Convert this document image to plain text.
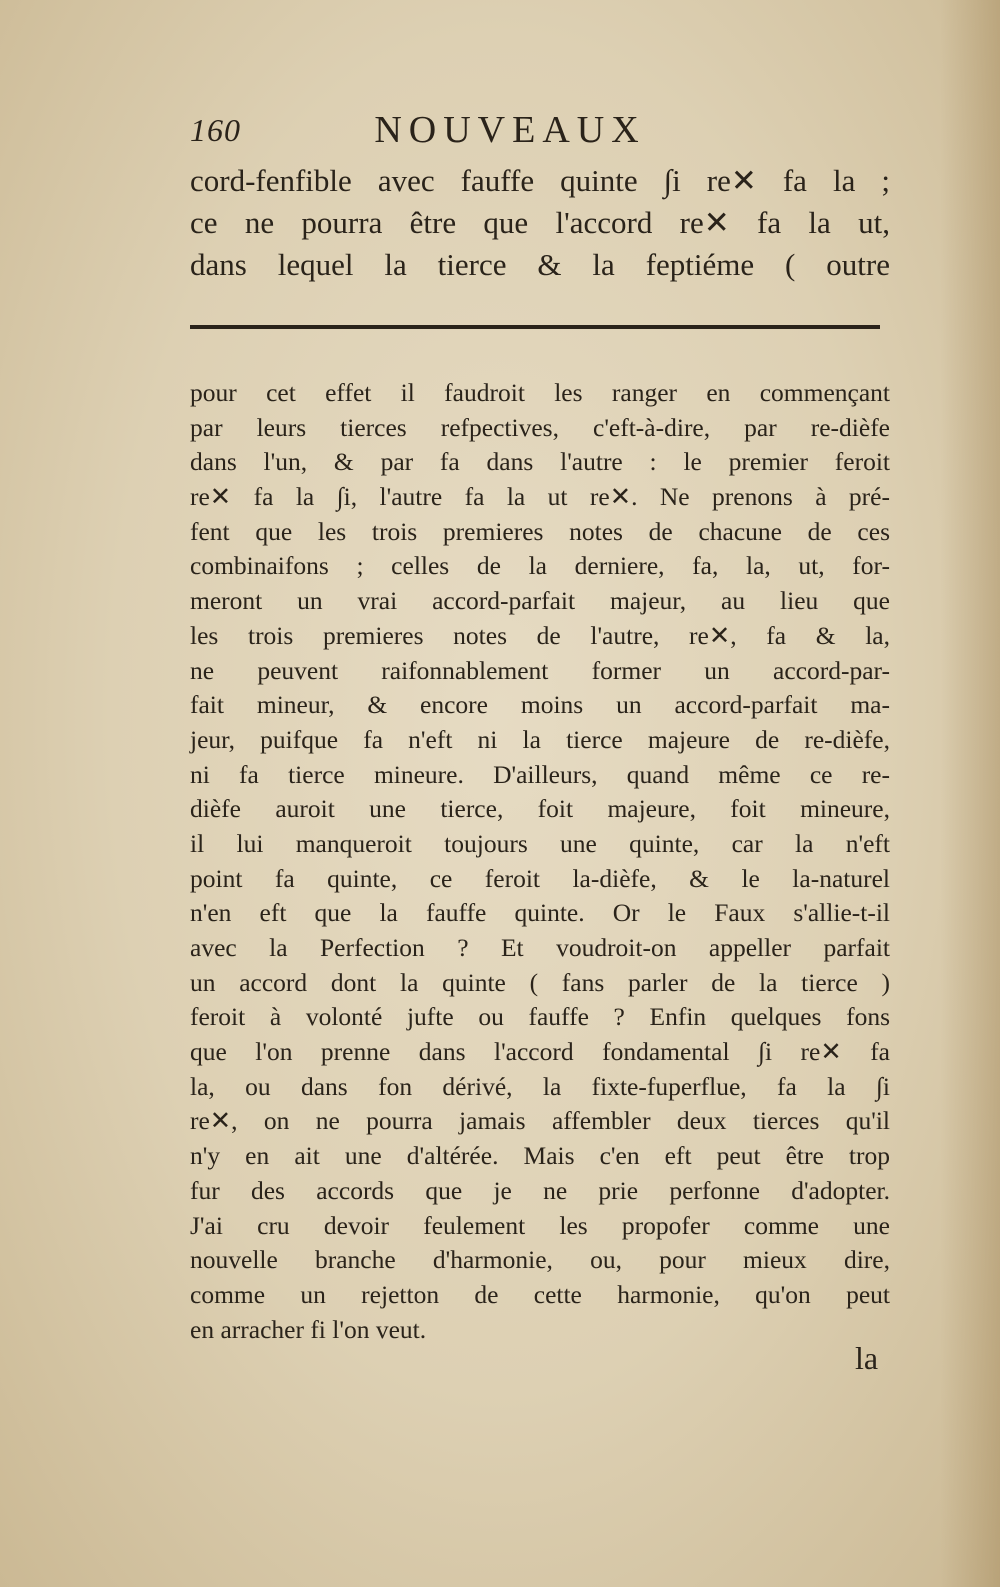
160	NOUVEAUX
cord-fenfible avec fauffe quinte ∫i re✕ fa la ;
ce ne pourra être que l'accord re✕ fa la ut,
dans lequel la tierce & la feptiéme ( outre
pour cet effet il faudroit les ranger en commençant
par leurs tierces refpectives, c'eft-à-dire, par re-dièfe
dans l'un, & par fa dans l'autre : le premier feroit
re✕ fa la ∫i, l'autre fa la ut re✕. Ne prenons à pré-
fent que les trois premieres notes de chacune de ces
combinaifons ; celles de la derniere, fa, la, ut, for-
meront un vrai accord-parfait majeur, au lieu que
les trois premieres notes de l'autre, re✕, fa & la,
ne peuvent raifonnablement former un accord-par-
fait mineur, & encore moins un accord-parfait ma-
jeur, puifque fa n'eft ni la tierce majeure de re-dièfe,
ni fa tierce mineure. D'ailleurs, quand même ce re-
dièfe auroit une tierce, foit majeure, foit mineure,
il lui manqueroit toujours une quinte, car la n'eft
point fa quinte, ce feroit la-dièfe, & le la-naturel
n'en eft que la fauffe quinte. Or le Faux s'allie-t-il
avec la Perfection ? Et voudroit-on appeller parfait
un accord dont la quinte ( fans parler de la tierce )
feroit à volonté jufte ou fauffe ? Enfin quelques fons
que l'on prenne dans l'accord fondamental ∫i re✕ fa
la, ou dans fon dérivé, la fixte-fuperflue, fa la ∫i
re✕, on ne pourra jamais affembler deux tierces qu'il
n'y en ait une d'altérée. Mais c'en eft peut être trop
fur des accords que je ne prie perfonne d'adopter.
J'ai cru devoir feulement les propofer comme une
nouvelle branche d'harmonie, ou, pour mieux dire,
comme un rejetton de cette harmonie, qu'on peut
en arracher fi l'on veut.
la
